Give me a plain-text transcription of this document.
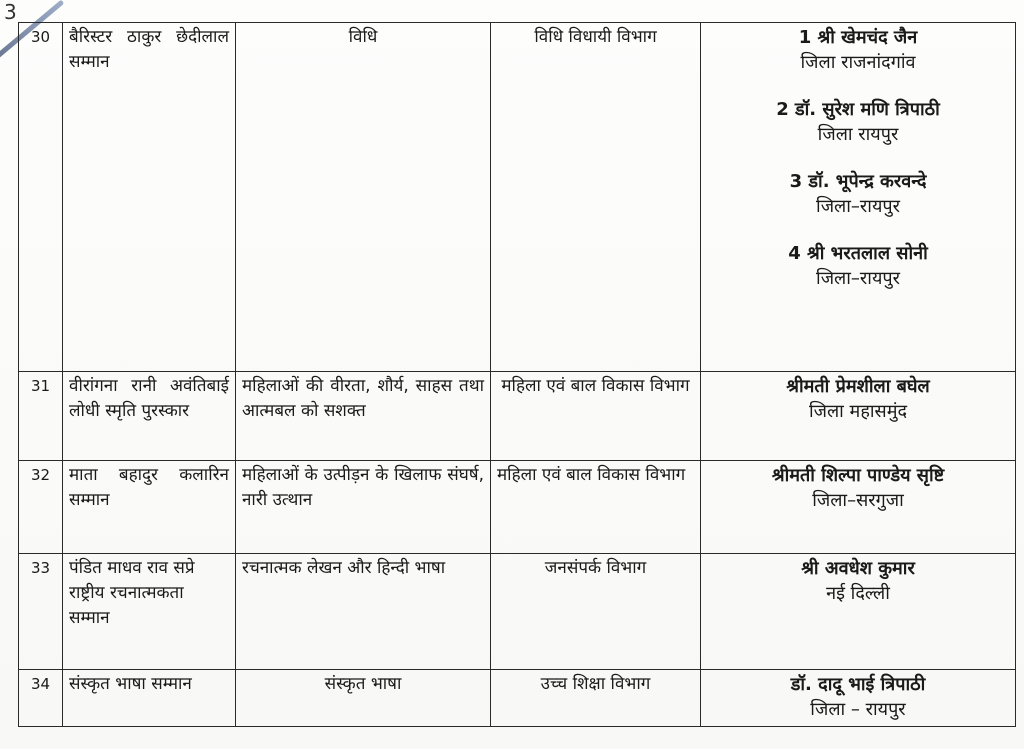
3
30	बैरिस्टर ठाकुर छेदीलाल सम्मान	विधि	विधि विधायी विभाग	1 श्री खेमचंद जैन
जिला राजनांदगांव
2 डॉ. सुरेश मणि त्रिपाठी
जिला रायपुर
3 डॉ. भूपेन्द्र करवन्दे
जिला–रायपुर
4 श्री भरतलाल सोनी
जिला–रायपुर

31	वीरांगना रानी अवंतिबाई लोधी स्मृति पुरस्कार	महिलाओं की वीरता, शौर्य, साहस तथा आत्मबल को सशक्त	महिला एवं बाल विकास विभाग	श्रीमती प्रेमशीला बघेल
जिला महासमुंद

32	माता बहादुर कलारिन सम्मान	महिलाओं के उत्पीड़न के खिलाफ संघर्ष, नारी उत्थान	महिला एवं बाल विकास विभाग	श्रीमती शिल्पा पाण्डेय सृष्टि
जिला–सरगुजा

33	पंडित माधव राव सप्रे राष्ट्रीय रचनात्मकता सम्मान	रचनात्मक लेखन और हिन्दी भाषा	जनसंपर्क विभाग	श्री अवधेश कुमार
नई दिल्ली

34	संस्कृत भाषा सम्मान	संस्कृत भाषा	उच्च शिक्षा विभाग	डॉ. दादू भाई त्रिपाठी
जिला – रायपुर
